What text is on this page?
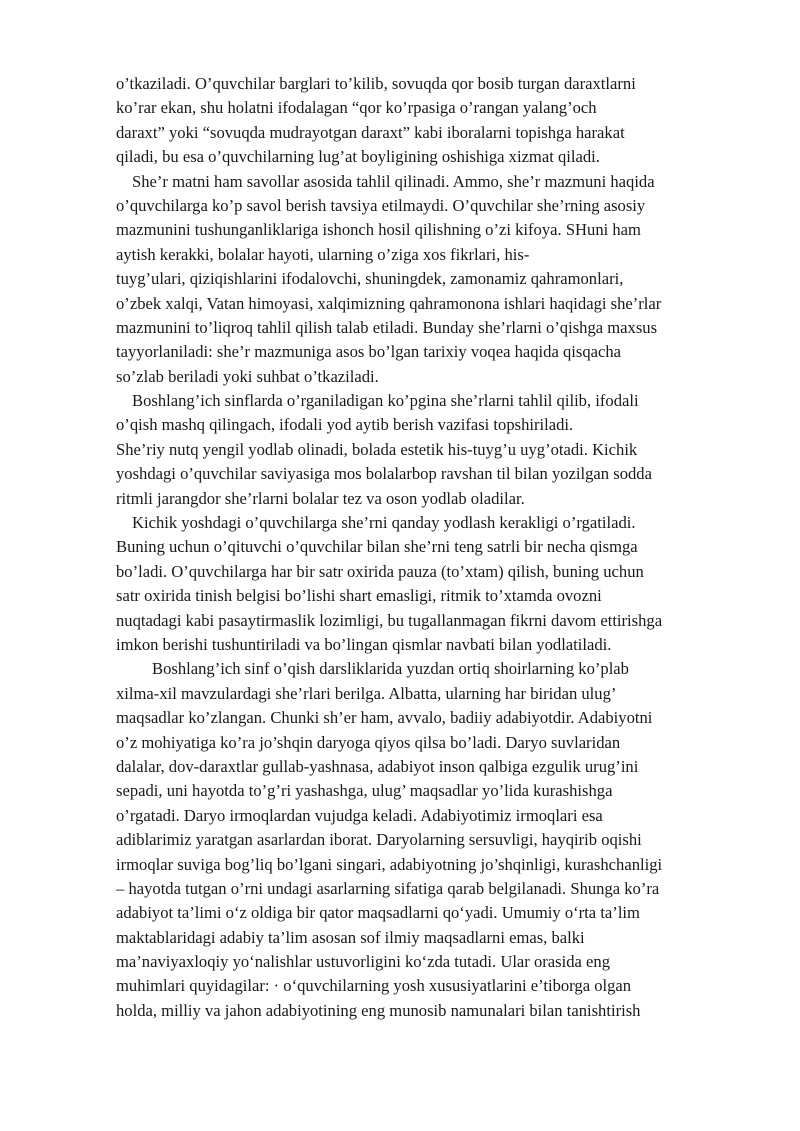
o’tkaziladi. O’quvchilar barglari to’kilib, sovuqda qor bosib turgan daraxtlarni
ko’rar ekan, shu holatni ifodalagan “qor ko’rpasiga o’rangan yalang’och
daraxt” yoki “sovuqda mudrayotgan daraxt” kabi iboralarni topishga harakat
qiladi, bu esa o’quvchilarning lug’at boyligining oshishiga xizmat qiladi.
She’r matni ham savollar asosida tahlil qilinadi. Ammo, she’r mazmuni haqida
o’quvchilarga ko’p savol berish tavsiya etilmaydi. O’quvchilar she’rning asosiy
mazmunini tushunganliklariga ishonch hosil qilishning o’zi kifoya. SHuni ham
aytish kerakki, bolalar hayoti, ularning o’ziga xos fikrlari, his-
tuyg’ulari, qiziqishlarini ifodalovchi, shuningdek, zamonamiz qahramonlari,
o’zbek xalqi, Vatan himoyasi, xalqimizning qahramonona ishlari haqidagi she’rlar
mazmunini to’liqroq tahlil qilish talab etiladi. Bunday she’rlarni o’qishga maxsus
tayyorlaniladi: she’r mazmuniga asos bo’lgan tarixiy voqea haqida qisqacha
so’zlab beriladi yoki suhbat o’tkaziladi.
Boshlang’ich sinflarda o’rganiladigan ko’pgina she’rlarni tahlil qilib, ifodali
o’qish mashq qilingach, ifodali yod aytib berish vazifasi topshiriladi.
She’riy nutq yengil yodlab olinadi, bolada estetik his-tuyg’u uyg’otadi. Kichik
yoshdagi o’quvchilar saviyasiga mos bolalarbop ravshan til bilan yozilgan sodda
ritmli jarangdor she’rlarni bolalar tez va oson yodlab oladilar.
Kichik yoshdagi o’quvchilarga she’rni qanday yodlash kerakligi o’rgatiladi.
Buning uchun o’qituvchi o’quvchilar bilan she’rni teng satrli bir necha qismga
bo’ladi. O’quvchilarga har bir satr oxirida pauza (to’xtam) qilish, buning uchun
satr oxirida tinish belgisi bo’lishi shart emasligi, ritmik to’xtamda ovozni
nuqtadagi kabi pasaytirmaslik lozimligi, bu tugallanmagan fikrni davom ettirishga
imkon berishi tushuntiriladi va bo’lingan qismlar navbati bilan yodlatiladi.
Boshlang’ich sinf o’qish darsliklarida yuzdan ortiq shoirlarning ko’plab
xilma-xil mavzulardagi she’rlari berilga. Albatta, ularning har biridan ulug’
maqsadlar ko’zlangan. Chunki sh’er ham, avvalo, badiiy adabiyotdir. Adabiyotni
o’z mohiyatiga ko’ra jo’shqin daryoga qiyos qilsa bo’ladi. Daryo suvlaridan
dalalar, dov-daraxtlar gullab-yashnasa, adabiyot inson qalbiga ezgulik urug’ini
sepadi, uni hayotda to’g’ri yashashga, ulug’ maqsadlar yo’lida kurashishga
o’rgatadi. Daryo irmoqlardan vujudga keladi. Adabiyotimiz irmoqlari esa
adiblarimiz yaratgan asarlardan iborat. Daryolarning sersuvligi, hayqirib oqishi
irmoqlar suviga bog’liq bo’lgani singari, adabiyotning jo’shqinligi, kurashchanligi
– hayotda tutgan o’rni undagi asarlarning sifatiga qarab belgilanadi. Shunga ko’ra
adabiyot ta’limi o‘z oldiga bir qator maqsadlarni qo‘yadi. Umumiy o‘rta ta’lim
maktablaridagi adabiy ta’lim asosan sof ilmiy maqsadlarni emas, balki
ma’naviyaxloqiy yo‘nalishlar ustuvorligini ko‘zda tutadi. Ular orasida eng
muhimlari quyidagilar: · o‘quvchilarning yosh xususiyatlarini e’tiborga olgan
holda, milliy va jahon adabiyotining eng munosib namunalari bilan tanishtirish
